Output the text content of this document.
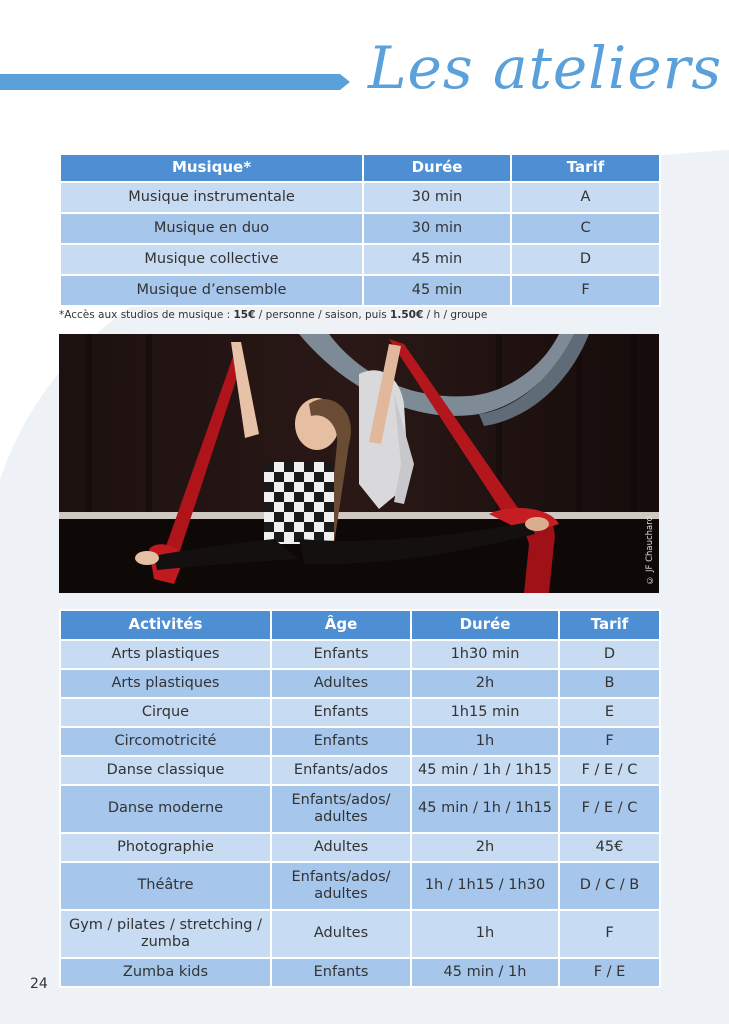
Les ateliers
Musique*	Durée	Tarif
Musique instrumentale	30 min	A
Musique en duo	30 min	C
Musique collective	45 min	D
Musique d’ensemble	45 min	F
*Accès aux studios de musique : 15€ / personne / saison, puis 1.50€ / h / groupe
© JF Chauchard
Activités	Âge	Durée	Tarif
Arts plastiques	Enfants	1h30 min	D
Arts plastiques	Adultes	2h	B
Cirque	Enfants	1h15 min	E
Circomotricité	Enfants	1h	F
Danse classique	Enfants/ados	45 min / 1h / 1h15	F / E / C
Danse moderne	Enfants/ados/ adultes	45 min / 1h / 1h15	F / E / C
Photographie	Adultes	2h	45€
Théâtre	Enfants/ados/ adultes	1h / 1h15 / 1h30	D / C / B
Gym / pilates / stretching / zumba	Adultes	1h	F
Zumba kids	Enfants	45 min / 1h	F / E
24
